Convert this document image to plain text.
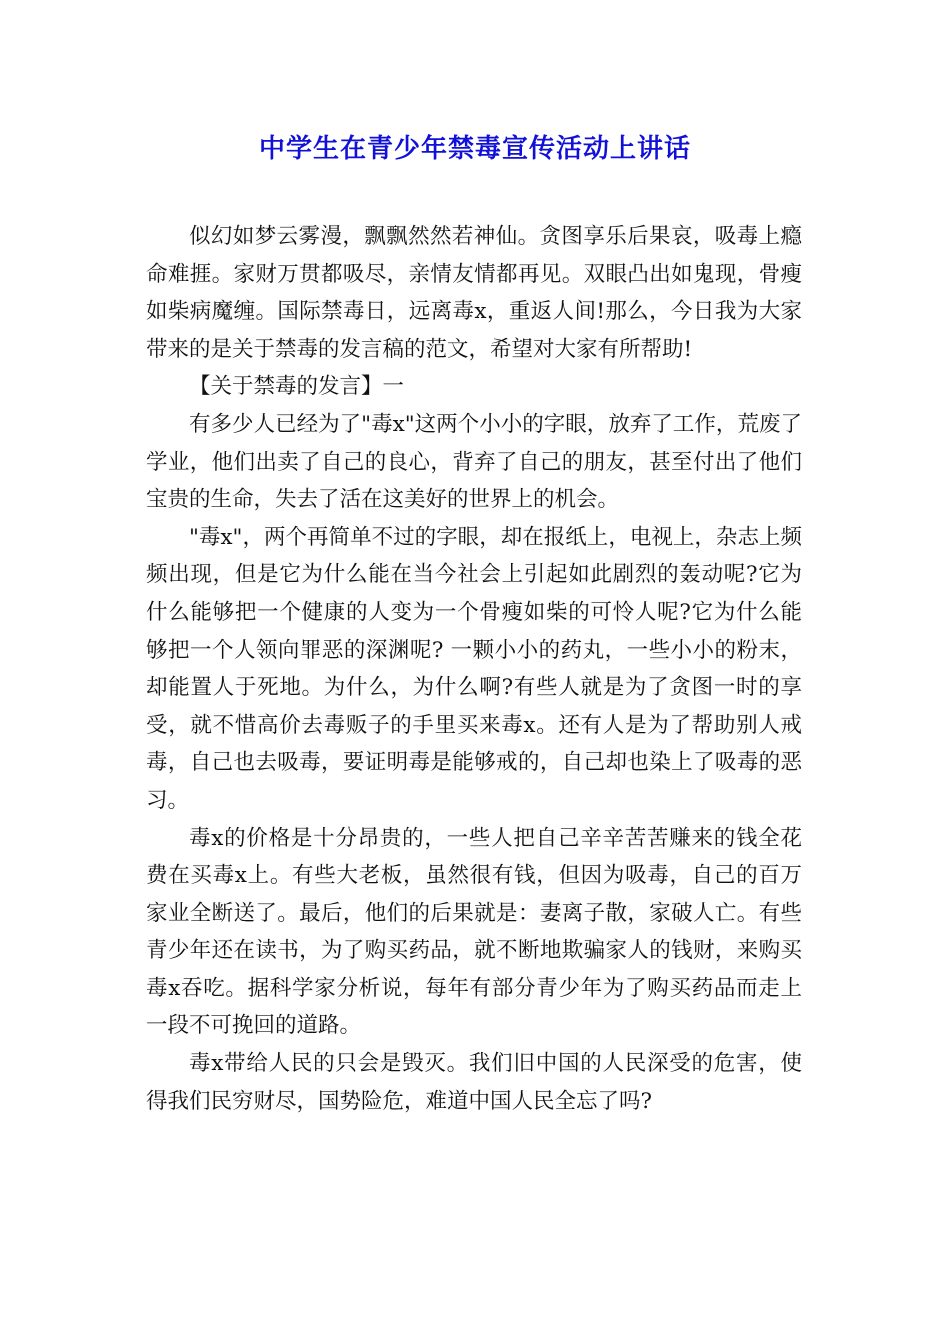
中学生在青少年禁毒宣传活动上讲话

似幻如梦云雾漫，飘飘然然若神仙。贪图享乐后果哀，吸毒上瘾命难捱。家财万贯都吸尽，亲情友情都再见。双眼凸出如鬼现，骨瘦如柴病魔缠。国际禁毒日，远离毒x，重返人间!那么，今日我为大家带来的是关于禁毒的发言稿的范文，希望对大家有所帮助!

【关于禁毒的发言】一

有多少人已经为了"毒x"这两个小小的字眼，放弃了工作，荒废了学业，他们出卖了自己的良心，背弃了自己的朋友，甚至付出了他们宝贵的生命，失去了活在这美好的世界上的机会。

"毒x"，两个再简单不过的字眼，却在报纸上，电视上，杂志上频频出现，但是它为什么能在当今社会上引起如此剧烈的轰动呢?它为什么能够把一个健康的人变为一个骨瘦如柴的可怜人呢?它为什么能够把一个人领向罪恶的深渊呢? 一颗小小的药丸，一些小小的粉末，却能置人于死地。为什么，为什么啊?有些人就是为了贪图一时的享受，就不惜高价去毒贩子的手里买来毒x。还有人是为了帮助别人戒毒，自己也去吸毒，要证明毒是能够戒的，自己却也染上了吸毒的恶习。

毒x的价格是十分昂贵的，一些人把自己辛辛苦苦赚来的钱全花费在买毒x上。有些大老板，虽然很有钱，但因为吸毒，自己的百万家业全断送了。最后，他们的后果就是：妻离子散，家破人亡。有些青少年还在读书，为了购买药品，就不断地欺骗家人的钱财，来购买毒x吞吃。据科学家分析说，每年有部分青少年为了购买药品而走上一段不可挽回的道路。

毒x带给人民的只会是毁灭。我们旧中国的人民深受的危害，使得我们民穷财尽，国势险危，难道中国人民全忘了吗?
